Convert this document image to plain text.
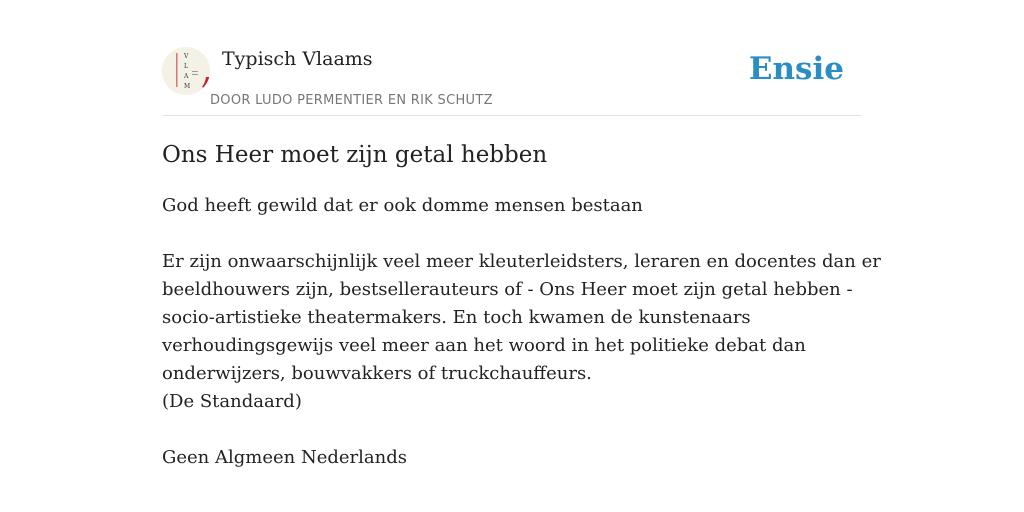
V
L
A
M
Typisch Vlaams
DOOR LUDO PERMENTIER EN RIK SCHUTZ
Ensie
Ons Heer moet zijn getal hebben
God heeft gewild dat er ook domme mensen bestaan
Er zijn onwaarschijnlijk veel meer kleuterleidsters, leraren en docentes dan er
beeldhouwers zijn, bestsellerauteurs of - Ons Heer moet zijn getal hebben -
socio-artistieke theatermakers. En toch kwamen de kunstenaars
verhoudingsgewijs veel meer aan het woord in het politieke debat dan
onderwijzers, bouwvakkers of truckchauffeurs.
(De Standaard)
Geen Algmeen Nederlands
